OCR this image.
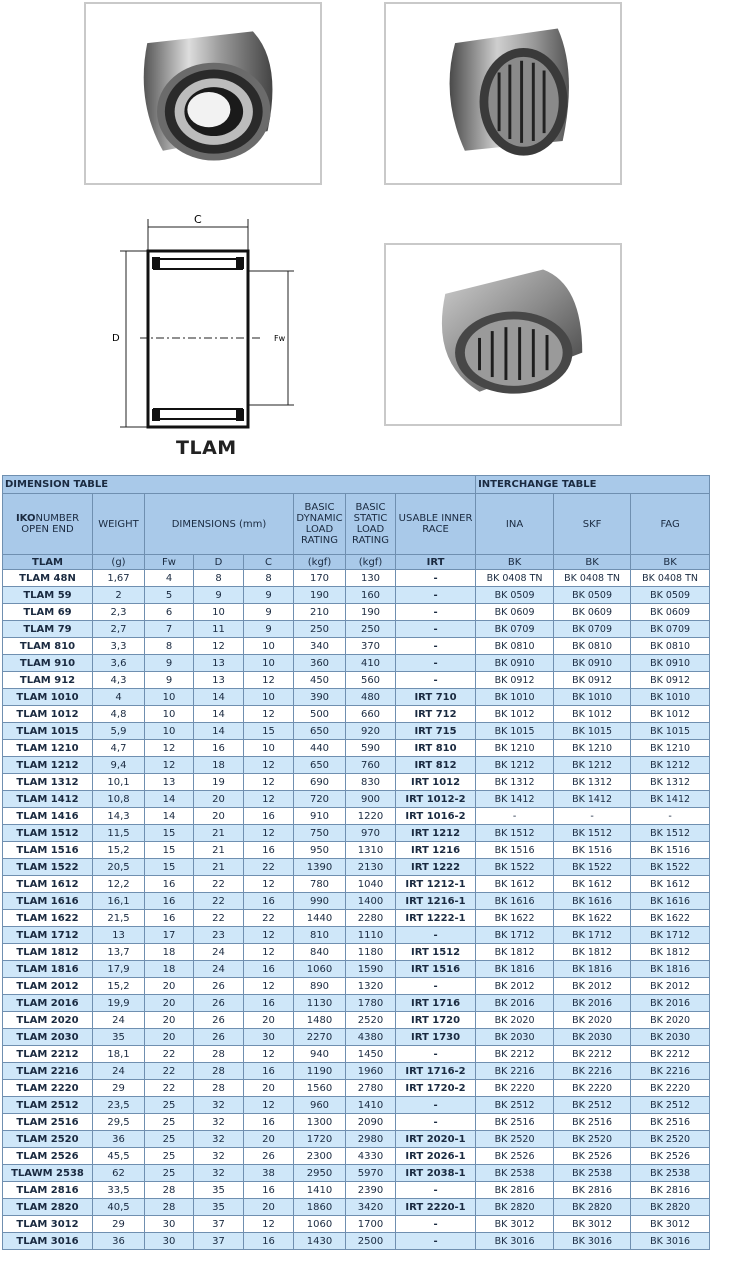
C
D	Fw
TLAM
DIMENSION TABLE								INTERCHANGE TABLE		
IKONUMBER OPEN END	WEIGHT	DIMENSIONS (mm)			BASIC DYNAMIC LOAD RATING	BASIC STATIC LOAD RATING	USABLE INNER RACE	INA	SKF	FAG
TLAM	(g)	Fw	D	C	(kgf)	(kgf)	IRT	BK	BK	BK
TLAM 48N	1,67	4	8	8	170	130	-	BK 0408 TN	BK 0408 TN	BK 0408 TN
TLAM 59	2	5	9	9	190	160	-	BK 0509	BK 0509	BK 0509
TLAM 69	2,3	6	10	9	210	190	-	BK 0609	BK 0609	BK 0609
TLAM 79	2,7	7	11	9	250	250	-	BK 0709	BK 0709	BK 0709
TLAM 810	3,3	8	12	10	340	370	-	BK 0810	BK 0810	BK 0810
TLAM 910	3,6	9	13	10	360	410	-	BK 0910	BK 0910	BK 0910
TLAM 912	4,3	9	13	12	450	560	-	BK 0912	BK 0912	BK 0912
TLAM 1010	4	10	14	10	390	480	IRT 710	BK 1010	BK 1010	BK 1010
TLAM 1012	4,8	10	14	12	500	660	IRT 712	BK 1012	BK 1012	BK 1012
TLAM 1015	5,9	10	14	15	650	920	IRT 715	BK 1015	BK 1015	BK 1015
TLAM 1210	4,7	12	16	10	440	590	IRT 810	BK 1210	BK 1210	BK 1210
TLAM 1212	9,4	12	18	12	650	760	IRT 812	BK 1212	BK 1212	BK 1212
TLAM 1312	10,1	13	19	12	690	830	IRT 1012	BK 1312	BK 1312	BK 1312
TLAM 1412	10,8	14	20	12	720	900	IRT 1012-2	BK 1412	BK 1412	BK 1412
TLAM 1416	14,3	14	20	16	910	1220	IRT 1016-2	-	-	-
TLAM 1512	11,5	15	21	12	750	970	IRT 1212	BK 1512	BK 1512	BK 1512
TLAM 1516	15,2	15	21	16	950	1310	IRT 1216	BK 1516	BK 1516	BK 1516
TLAM 1522	20,5	15	21	22	1390	2130	IRT 1222	BK 1522	BK 1522	BK 1522
TLAM 1612	12,2	16	22	12	780	1040	IRT 1212-1	BK 1612	BK 1612	BK 1612
TLAM 1616	16,1	16	22	16	990	1400	IRT 1216-1	BK 1616	BK 1616	BK 1616
TLAM 1622	21,5	16	22	22	1440	2280	IRT 1222-1	BK 1622	BK 1622	BK 1622
TLAM 1712	13	17	23	12	810	1110	-	BK 1712	BK 1712	BK 1712
TLAM 1812	13,7	18	24	12	840	1180	IRT 1512	BK 1812	BK 1812	BK 1812
TLAM 1816	17,9	18	24	16	1060	1590	IRT 1516	BK 1816	BK 1816	BK 1816
TLAM 2012	15,2	20	26	12	890	1320	-	BK 2012	BK 2012	BK 2012
TLAM 2016	19,9	20	26	16	1130	1780	IRT 1716	BK 2016	BK 2016	BK 2016
TLAM 2020	24	20	26	20	1480	2520	IRT 1720	BK 2020	BK 2020	BK 2020
TLAM 2030	35	20	26	30	2270	4380	IRT 1730	BK 2030	BK 2030	BK 2030
TLAM 2212	18,1	22	28	12	940	1450	-	BK 2212	BK 2212	BK 2212
TLAM 2216	24	22	28	16	1190	1960	IRT 1716-2	BK 2216	BK 2216	BK 2216
TLAM 2220	29	22	28	20	1560	2780	IRT 1720-2	BK 2220	BK 2220	BK 2220
TLAM 2512	23,5	25	32	12	960	1410	-	BK 2512	BK 2512	BK 2512
TLAM 2516	29,5	25	32	16	1300	2090	-	BK 2516	BK 2516	BK 2516
TLAM 2520	36	25	32	20	1720	2980	IRT 2020-1	BK 2520	BK 2520	BK 2520
TLAM 2526	45,5	25	32	26	2300	4330	IRT 2026-1	BK 2526	BK 2526	BK 2526
TLAWM 2538	62	25	32	38	2950	5970	IRT 2038-1	BK 2538	BK 2538	BK 2538
TLAM 2816	33,5	28	35	16	1410	2390	-	BK 2816	BK 2816	BK 2816
TLAM 2820	40,5	28	35	20	1860	3420	IRT 2220-1	BK 2820	BK 2820	BK 2820
TLAM 3012	29	30	37	12	1060	1700	-	BK 3012	BK 3012	BK 3012
TLAM 3016	36	30	37	16	1430	2500	-	BK 3016	BK 3016	BK 3016
